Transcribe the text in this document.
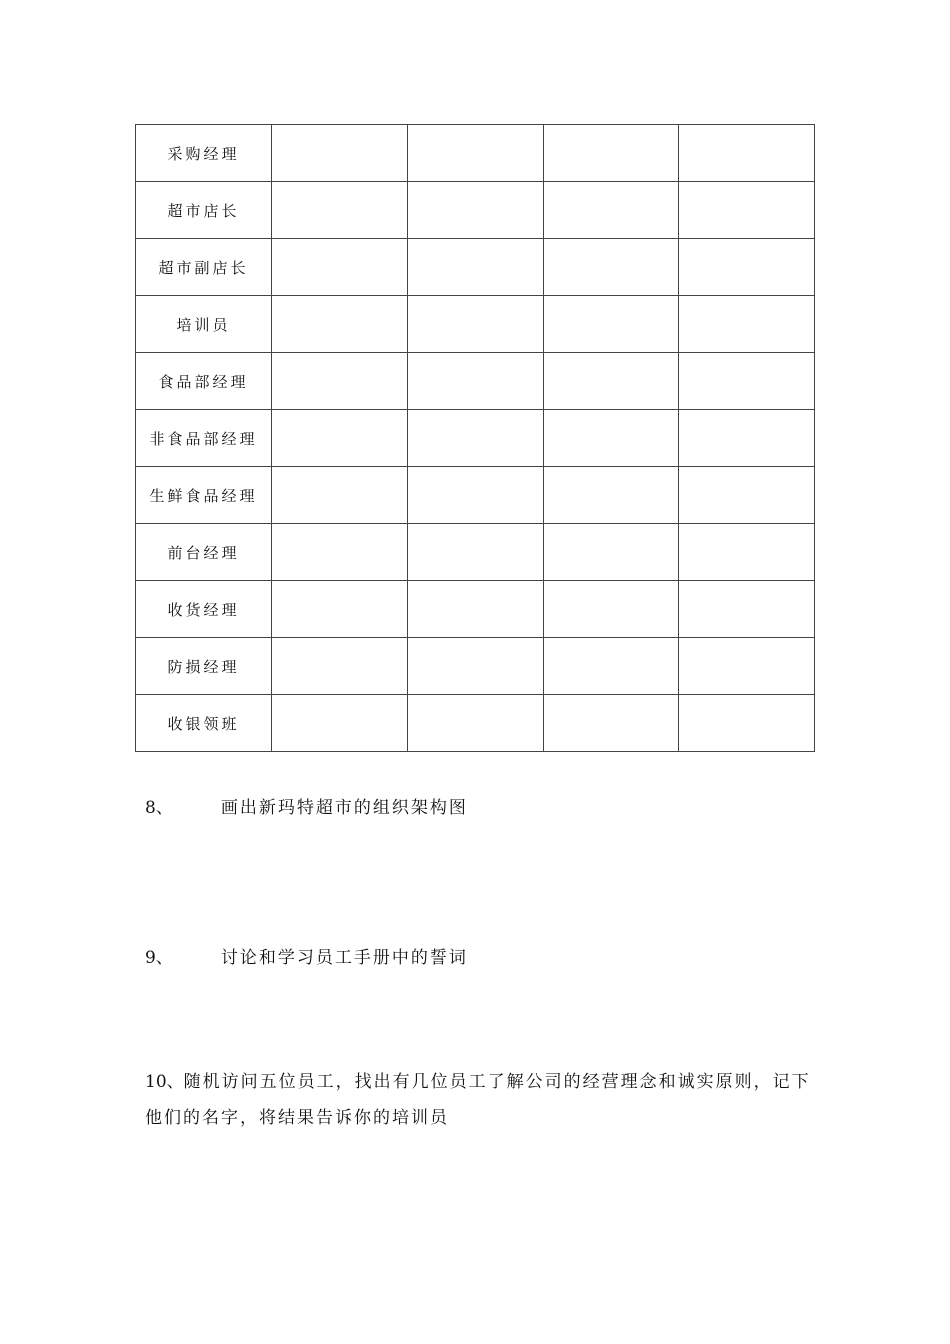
采购经理				
超市店长				
超市副店长				
培训员				
食品部经理				
非食品部经理				
生鲜食品经理				
前台经理				
收货经理				
防损经理				
收银领班				
8、	画出新玛特超市的组织架构图
9、	讨论和学习员工手册中的誓词
10、随机访问五位员工，找出有几位员工了解公司的经营理念和诚实原则，记下他们的名字，将结果告诉你的培训员
